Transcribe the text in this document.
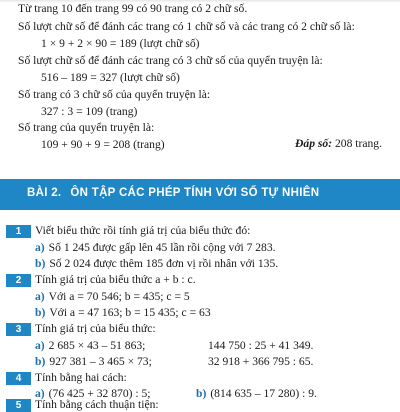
Từ trang 10 đến trang 99 có 90 trang có 2 chữ số.
Số lượt chữ số để đánh các trang có 1 chữ số và các trang có 2 chữ số là:
1 × 9 + 2 × 90 = 189 (lượt chữ số)
Số lượt chữ số để đánh các trang có 3 chữ số của quyển truyện là:
516 – 189 = 327 (lượt chữ số)
Số trang có 3 chữ số của quyển truyện là:
327 : 3 = 109 (trang)
Số trang của quyển truyện là:
109 + 90 + 9 = 208 (trang)	Đáp số: 208 trang.
BÀI 2. ÔN TẬP CÁC PHÉP TÍNH VỚI SỐ TỰ NHIÊN
1	Viết biểu thức rồi tính giá trị của biểu thức đó:
a) Số 1 245 được gấp lên 45 lần rồi cộng với 7 283.
b) Số 2 024 được thêm 185 đơn vị rồi nhân với 135.
2	Tính giá trị của biểu thức a + b : c.
a) Với a = 70 546; b = 435; c = 5
b) Với a = 47 163; b = 15 435; c = 63
3	Tính giá trị của biểu thức:
a) 2 685 × 43 – 51 863;	144 750 : 25 + 41 349.
b) 927 381 – 3 465 × 73;	32 918 + 366 795 : 65.
4	Tính bằng hai cách:
a) (76 425 + 32 870) : 5;	b) (814 635 – 17 280) : 9.
5	Tính bằng cách thuận tiện:
